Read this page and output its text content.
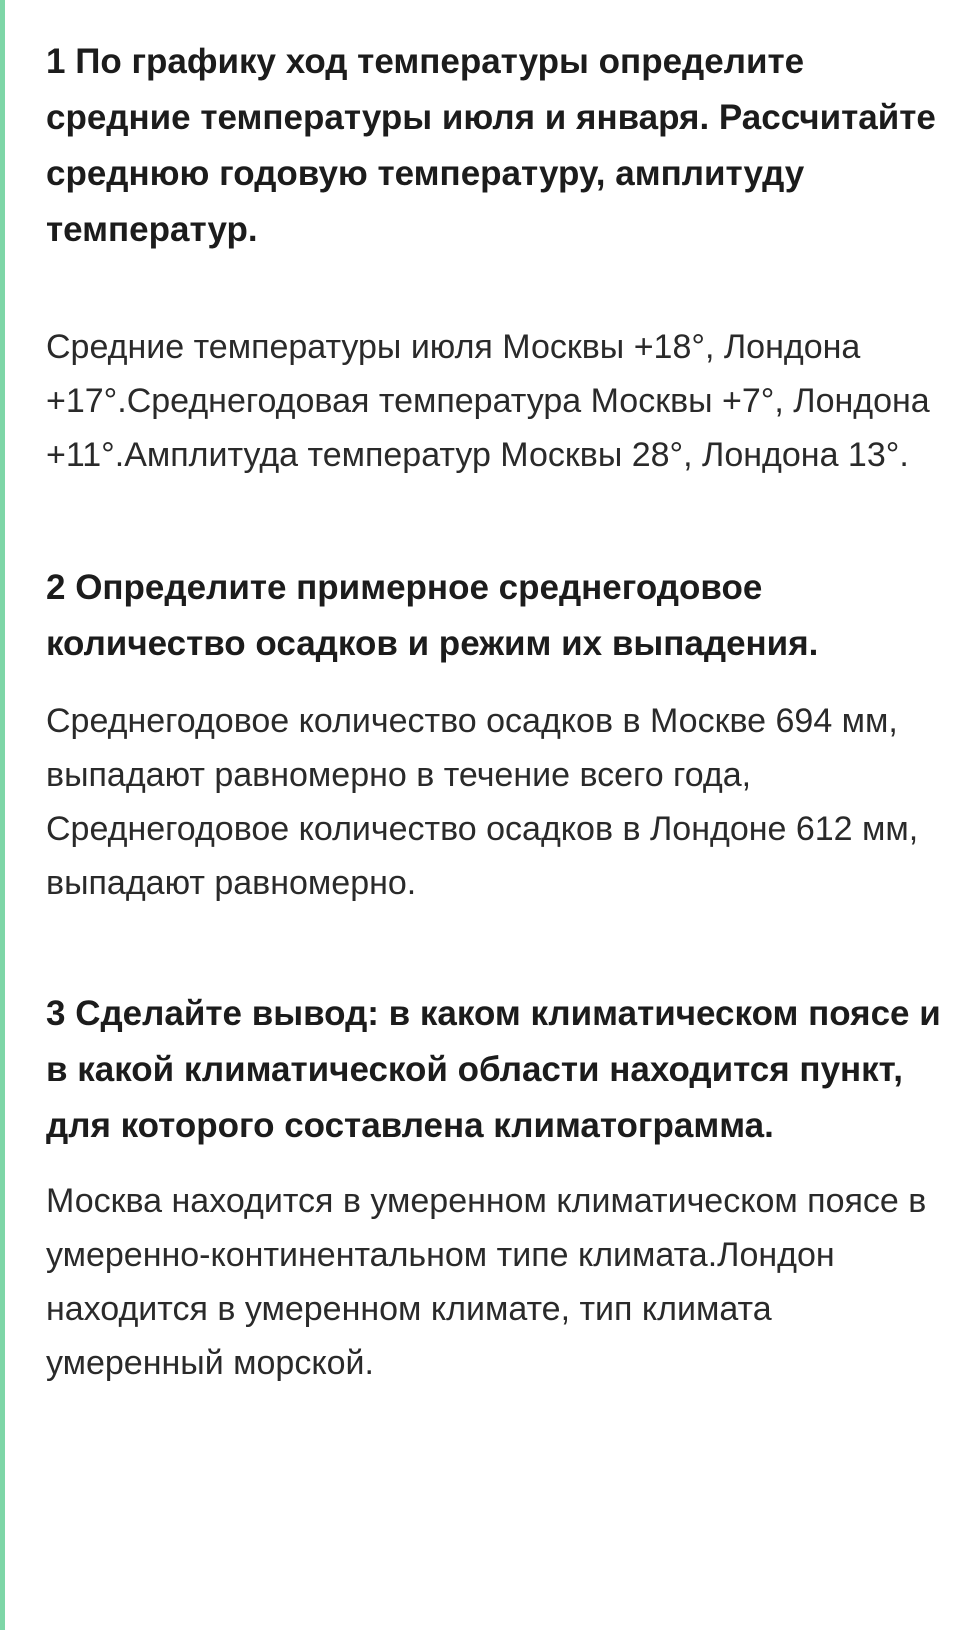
1 По графику ход температуры определите средние температуры июля и января. Рассчитайте среднюю годовую температуру, амплитуду температур.

Средние температуры июля Москвы +18°, Лондона +17°.Среднегодовая температура Москвы +7°, Лондона +11°.Амплитуда температур Москвы 28°, Лондона 13°.

2 Определите примерное среднегодовое количество осадков и режим их выпадения.

Среднегодовое количество осадков в Москве 694 мм, выпадают равномерно в течение всего года, Среднегодовое количество осадков в Лондоне 612 мм, выпадают равномерно.

3 Сделайте вывод: в каком климатическом поясе и в какой климатической области находится пункт, для которого составлена климатограмма.

Москва находится в умеренном климатическом поясе в умеренно-континентальном типе климата.Лондон находится в умеренном климате, тип климата умеренный морской.
